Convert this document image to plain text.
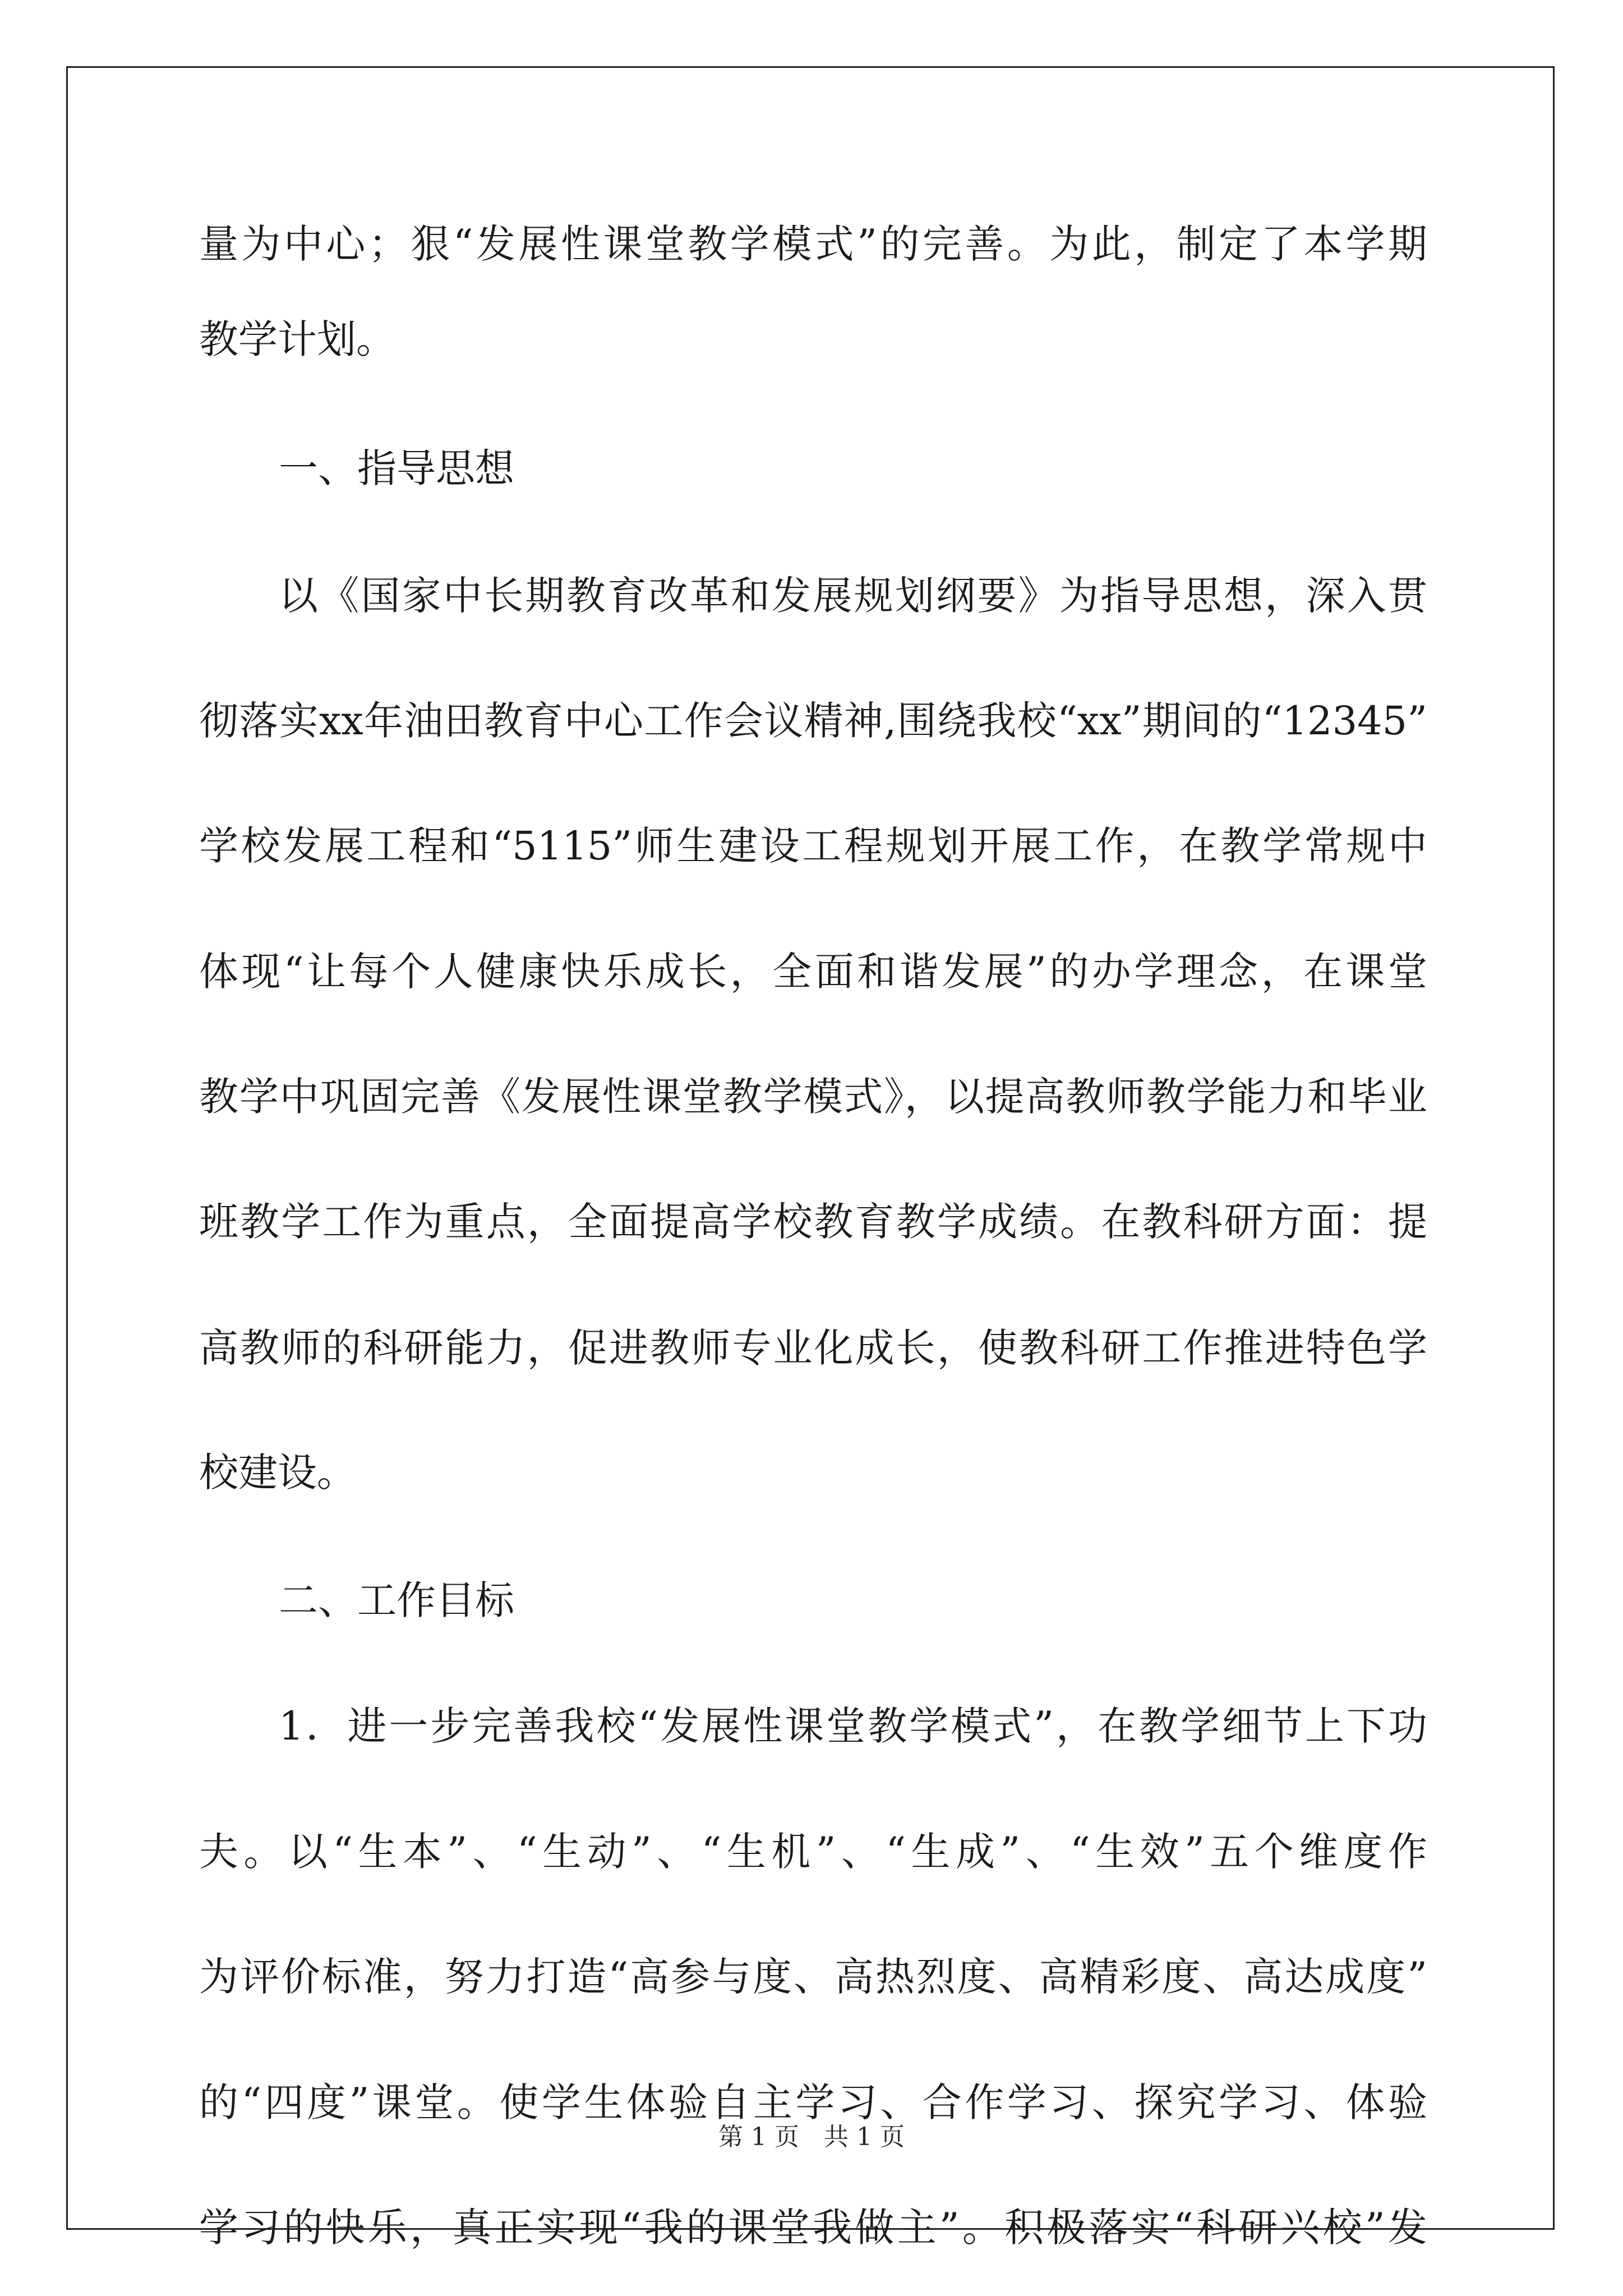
量为中心；狠“发展性课堂教学模式”的完善。为此，制定了本学期
教学计划。
一、指导思想
以《国家中长期教育改革和发展规划纲要》为指导思想，深入贯
彻落实xx年油田教育中心工作会议精神,围绕我校“xx”期间的“12345”
学校发展工程和“5115”师生建设工程规划开展工作，在教学常规中
体现“让每个人健康快乐成长，全面和谐发展”的办学理念，在课堂
教学中巩固完善《发展性课堂教学模式》，以提高教师教学能力和毕业
班教学工作为重点，全面提高学校教育教学成绩。在教科研方面：提
高教师的科研能力，促进教师专业化成长，使教科研工作推进特色学
校建设。
二、工作目标
1．进一步完善我校“发展性课堂教学模式”，在教学细节上下功
夫。以“生本”、“生动”、“生机”、“生成”、“生效”五个维度作
为评价标准，努力打造“高参与度、高热烈度、高精彩度、高达成度”
的“四度”课堂。使学生体验自主学习、合作学习、探究学习、体验
学习的快乐，真正实现“我的课堂我做主”。积极落实“科研兴校”发
第 1 页　共 1 页
